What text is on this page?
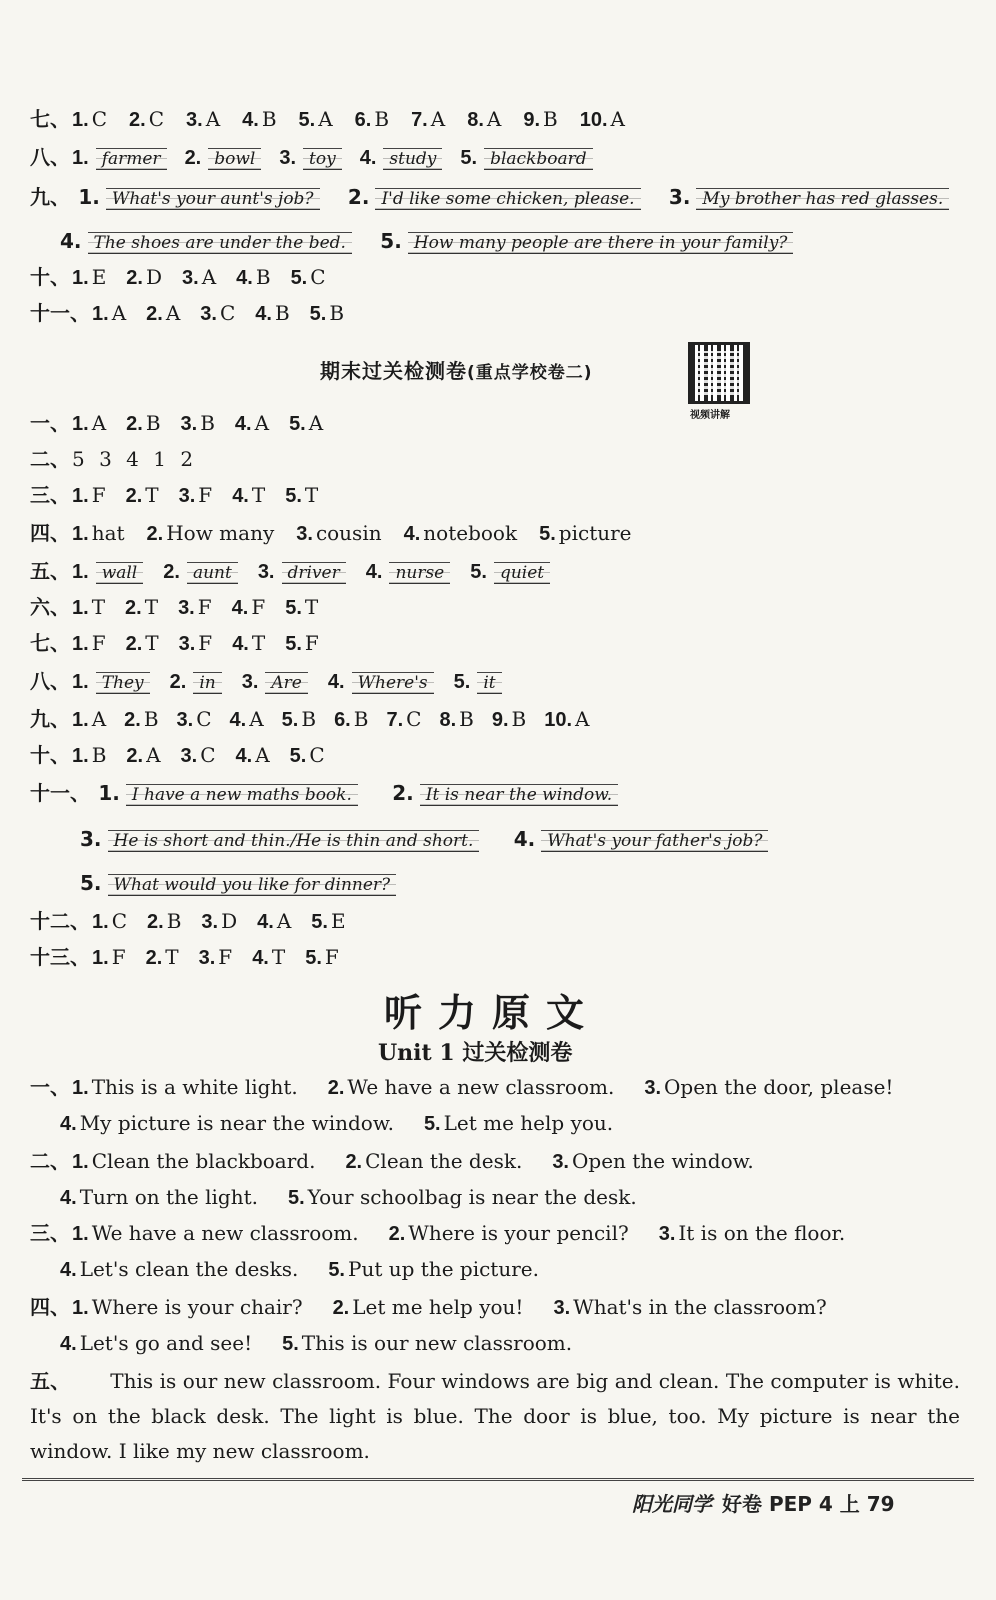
七、 1. C 2. C 3. A 4. B 5. A 6. B 7. A 8. A 9. B 10. A
八、 1. farmer 2. bowl 3. toy 4. study 5. blackboard
九、 1. What's your aunt's job? 2. I'd like some chicken, please. 3. My brother has red glasses.
4. The shoes are under the bed. 5. How many people are there in your family?
十、 1. E 2. D 3. A 4. B 5. C
十一、 1. A 2. A 3. C 4. B 5. B
期末过关检测卷(重点学校卷二)
视频讲解
一、 1. A 2. B 3. B 4. A 5. A
二、 5 3 4 1 2
三、 1. F 2. T 3. F 4. T 5. T
四、 1. hat 2. How many 3. cousin 4. notebook 5. picture
五、 1. wall 2. aunt 3. driver 4. nurse 5. quiet
六、 1. T 2. T 3. F 4. F 5. T
七、 1. F 2. T 3. F 4. T 5. F
八、 1. They 2. in 3. Are 4. Where's 5. it
九、 1. A 2. B 3. C 4. A 5. B 6. B 7. C 8. B 9. B 10. A
十、 1. B 2. A 3. C 4. A 5. C
十一、 1. I have a new maths book. 2. It is near the window.
3. He is short and thin./He is thin and short. 4. What's your father's job?
5. What would you like for dinner?
十二、 1. C 2. B 3. D 4. A 5. E
十三、 1. F 2. T 3. F 4. T 5. F
听力原文
Unit 1 过关检测卷
一、 1. This is a white light. 2. We have a new classroom. 3. Open the door, please!
4. My picture is near the window. 5. Let me help you.
二、 1. Clean the blackboard. 2. Clean the desk. 3. Open the window.
4. Turn on the light. 5. Your schoolbag is near the desk.
三、 1. We have a new classroom. 2. Where is your pencil? 3. It is on the floor.
4. Let's clean the desks. 5. Put up the picture.
四、 1. Where is your chair? 2. Let me help you! 3. What's in the classroom?
4. Let's go and see! 5. This is our new classroom.
五、 This is our new classroom. Four windows are big and clean. The computer is white. It's on the black desk. The light is blue. The door is blue, too. My picture is near the window. I like my new classroom.
阳光同学 好卷 PEP 4 上 79
